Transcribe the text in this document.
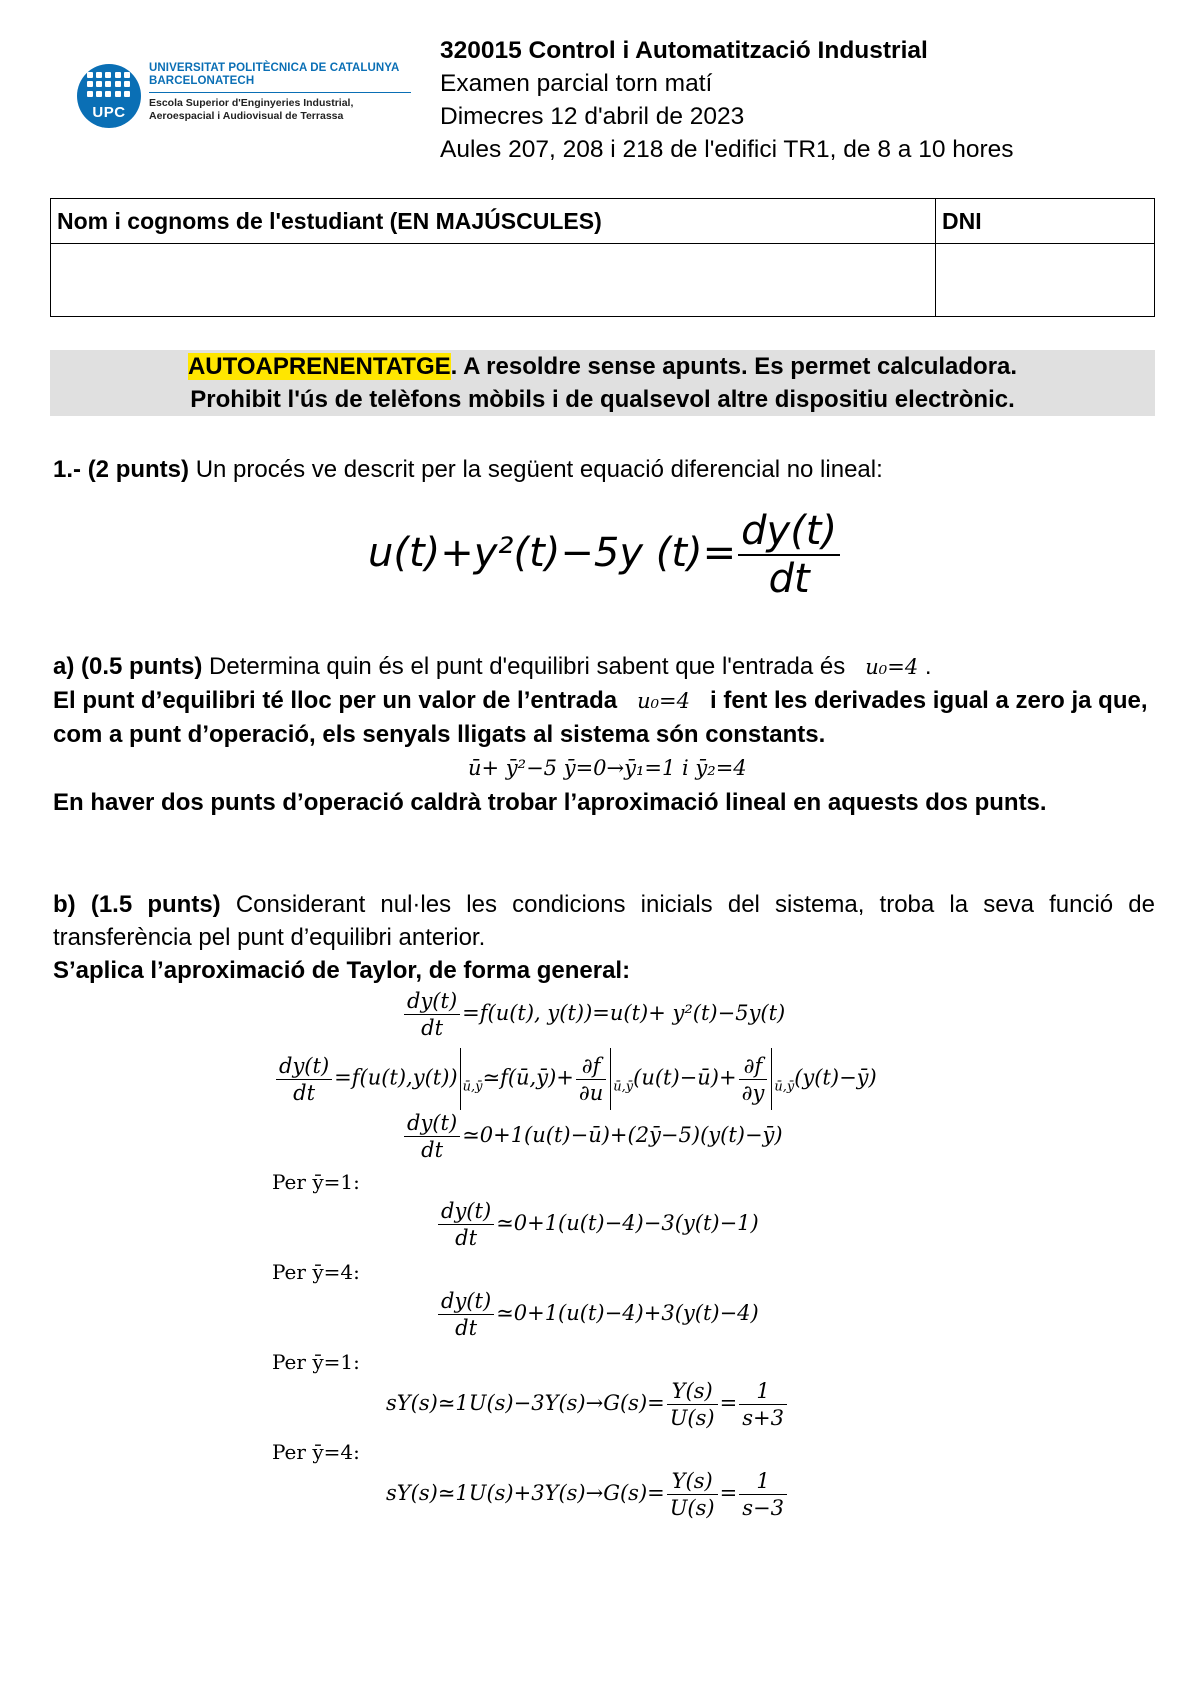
UPC
UNIVERSITAT POLITÈCNICA DE CATALUNYA
BARCELONATECH
Escola Superior d'Enginyeries Industrial,
Aeroespacial i Audiovisual de Terrassa
320015 Control i Automatització Industrial
Examen parcial torn matí
Dimecres 12 d'abril de 2023
Aules 207, 208 i 218 de l'edifici TR1, de 8 a 10 hores
Nom i cognoms de l'estudiant (EN MAJÚSCULES)	DNI

AUTOAPRENENTATGE. A resoldre sense apunts. Es permet calculadora.
Prohibit l'ús de telèfons mòbils i de qualsevol altre dispositiu electrònic.
1.- (2 punts) Un procés ve descrit per la següent equació diferencial no lineal:
u(t)+y²(t)−5y $(t)= \frac{dy(t)}{dt}$
a) (0.5 punts) Determina quin és el punt d'equilibri sabent que l'entrada és u₀=4 .
El punt d’equilibri té lloc per un valor de l’entrada u₀=4 i fent les derivades igual a zero ja que, com a punt d’operació, els senyals lligats al sistema són constants.
ū+ ȳ²−5 ȳ=0→ȳ₁=1 i ȳ₂=4
En haver dos punts d’operació caldrà trobar l’aproximació lineal en aquests dos punts.
b) (1.5 punts) Considerant nul·les les condicions inicials del sistema, troba la seva funció de transferència pel punt d’equilibri anterior.
S’aplica l’aproximació de Taylor, de forma general:
$\frac{dy(t)}{dt} =f(u(t)$, y(t))=u(t)+ y²(t)−5y(t)
$\frac{dy(t)}{dt} =f(u(t),y(t))$ $_{ū,ȳ}$≃f(ū,ȳ)+ $\frac{\partial f}{\partial u}$ $_{ū,ȳ}$(u(t)−ū)+ $\frac{\partial f}{\partial y}$ $_{ū,ȳ}$(y(t)−ȳ)
$\frac{dy(t)}{dt}$ ≃0+1(u(t)−ū)+(2ȳ−5)(y(t)−ȳ)
Per ȳ=1:
$\frac{dy(t)}{dt}$ ≃0+1(u(t)−4)−3(y(t)−1)
Per ȳ=4:
$\frac{dy(t)}{dt}$ ≃0+1(u(t)−4)+3(y(t)−4)
Per ȳ=1:
sY(s)≃1U(s)−3Y(s)→G(s)= $\frac{Y(s)}{U(s)} = \frac{1}{s+3}$
Per ȳ=4:
sY(s)≃1U(s)+3Y(s)→G(s)= $\frac{Y(s)}{U(s)} = \frac{1}{s-3}$
